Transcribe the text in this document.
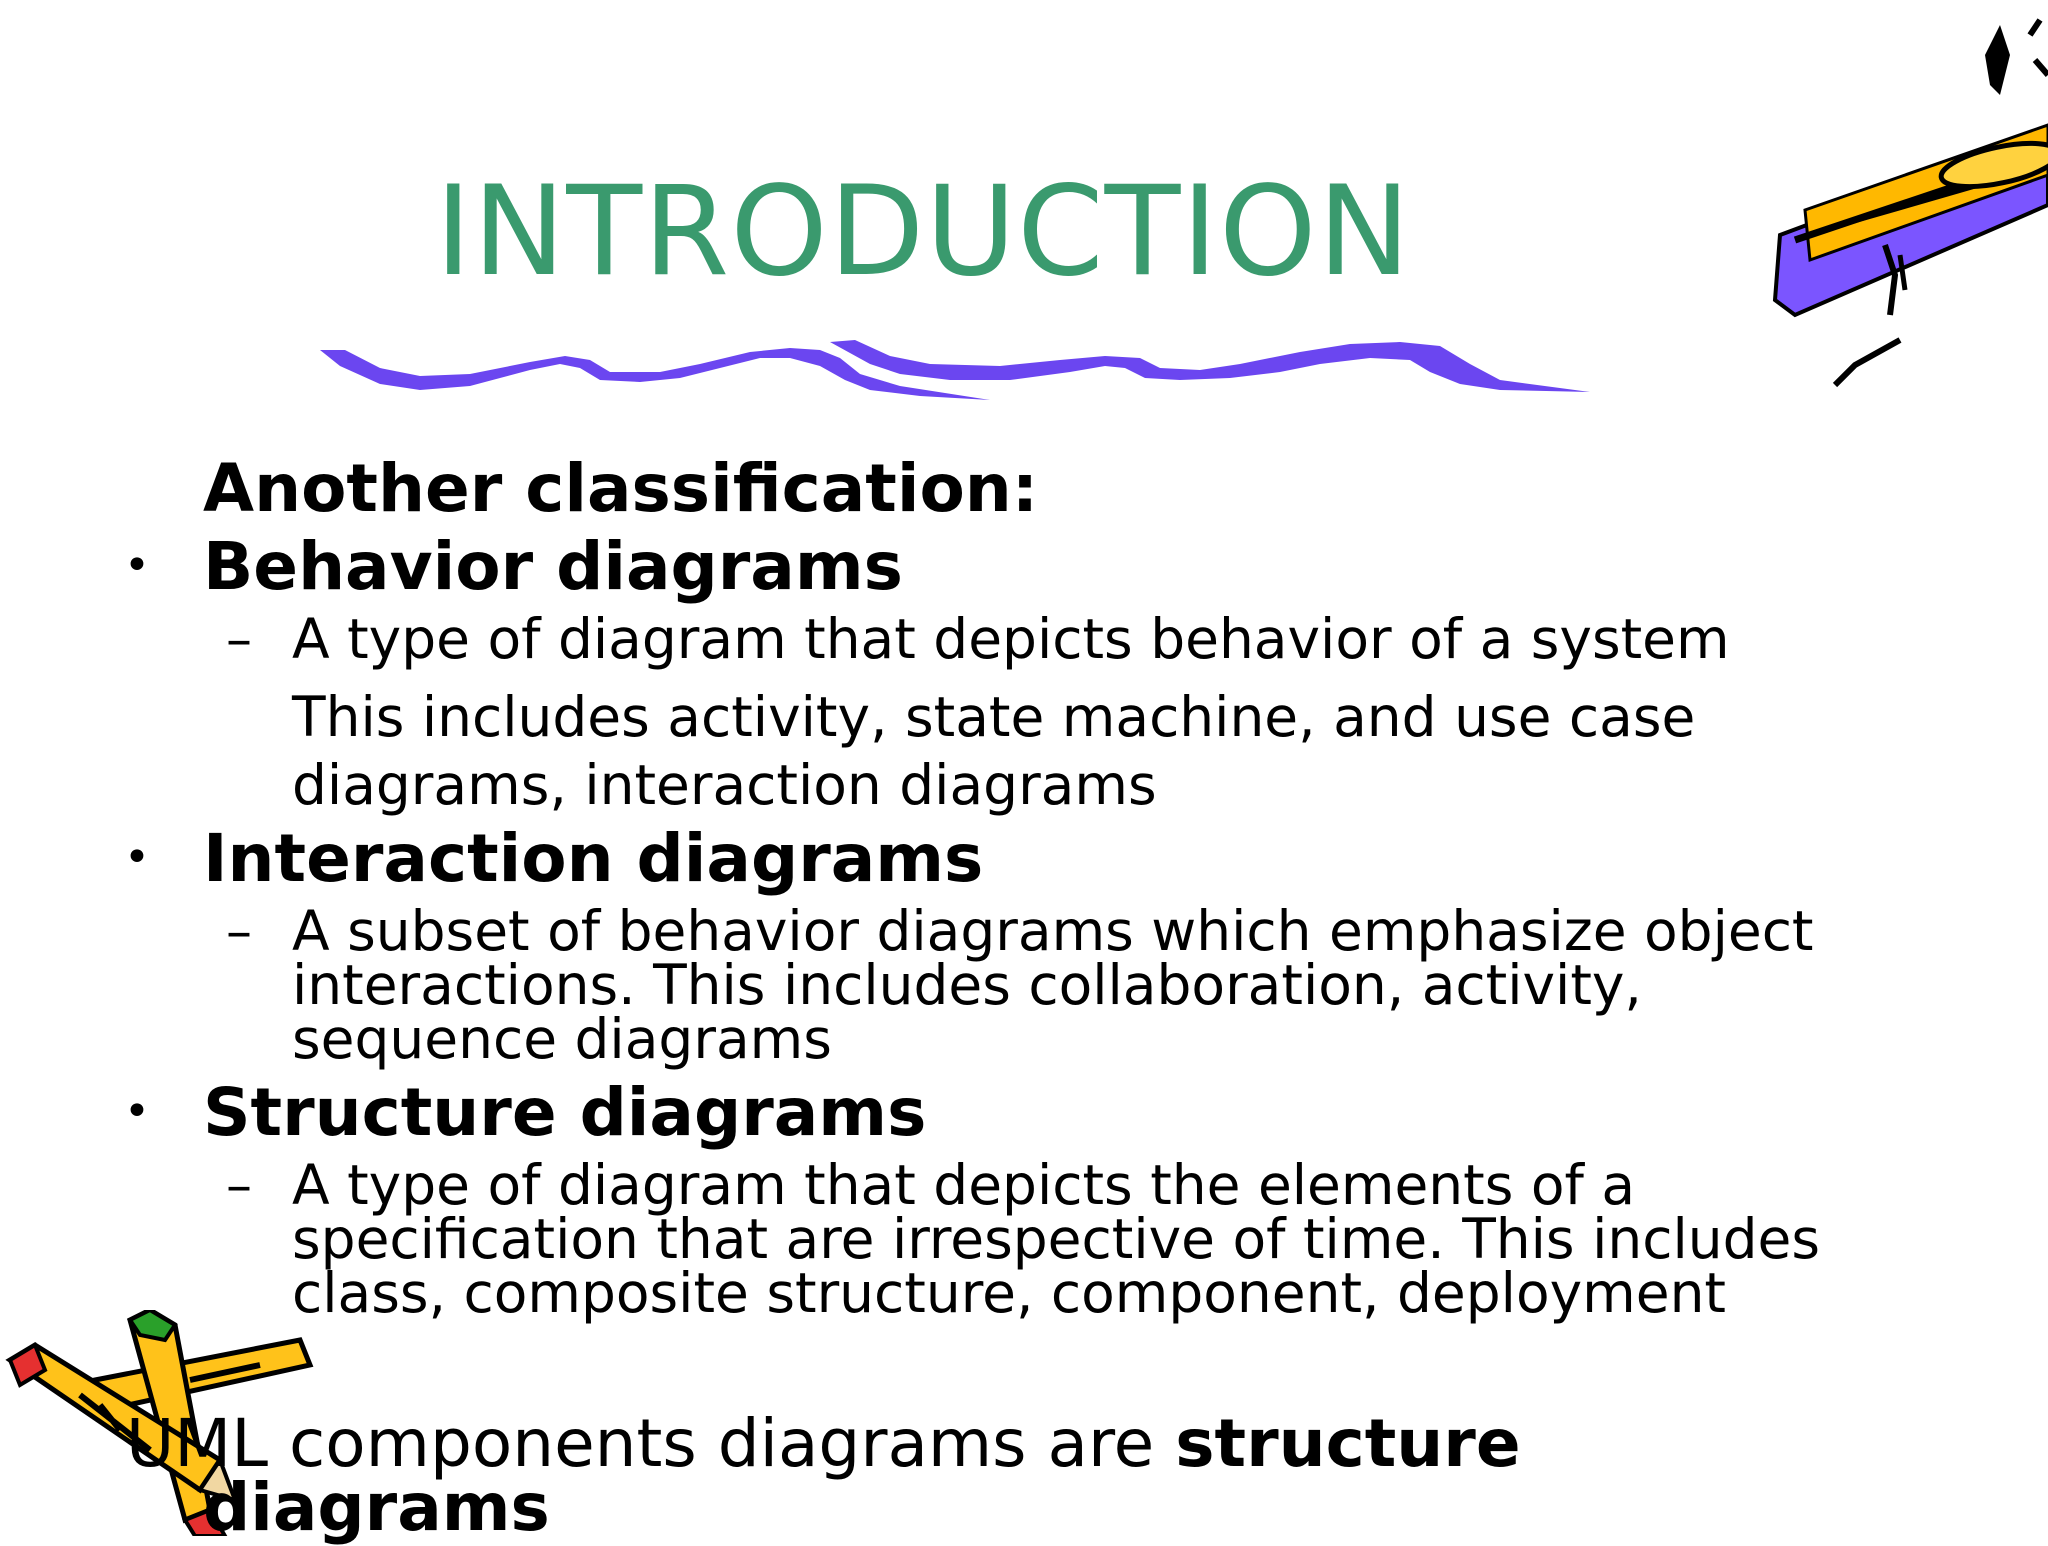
INTRODUCTION
Another classification:
• Behavior diagrams
– A type of diagram that depicts behavior of a system
This includes activity, state machine, and use case
diagrams, interaction diagrams
• Interaction diagrams
– A subset of behavior diagrams which emphasize object
interactions. This includes collaboration, activity,
sequence diagrams
• Structure diagrams
– A type of diagram that depicts the elements of a
specification that are irrespective of time. This includes
class, composite structure, component, deployment
UML components diagrams are structure
diagrams
